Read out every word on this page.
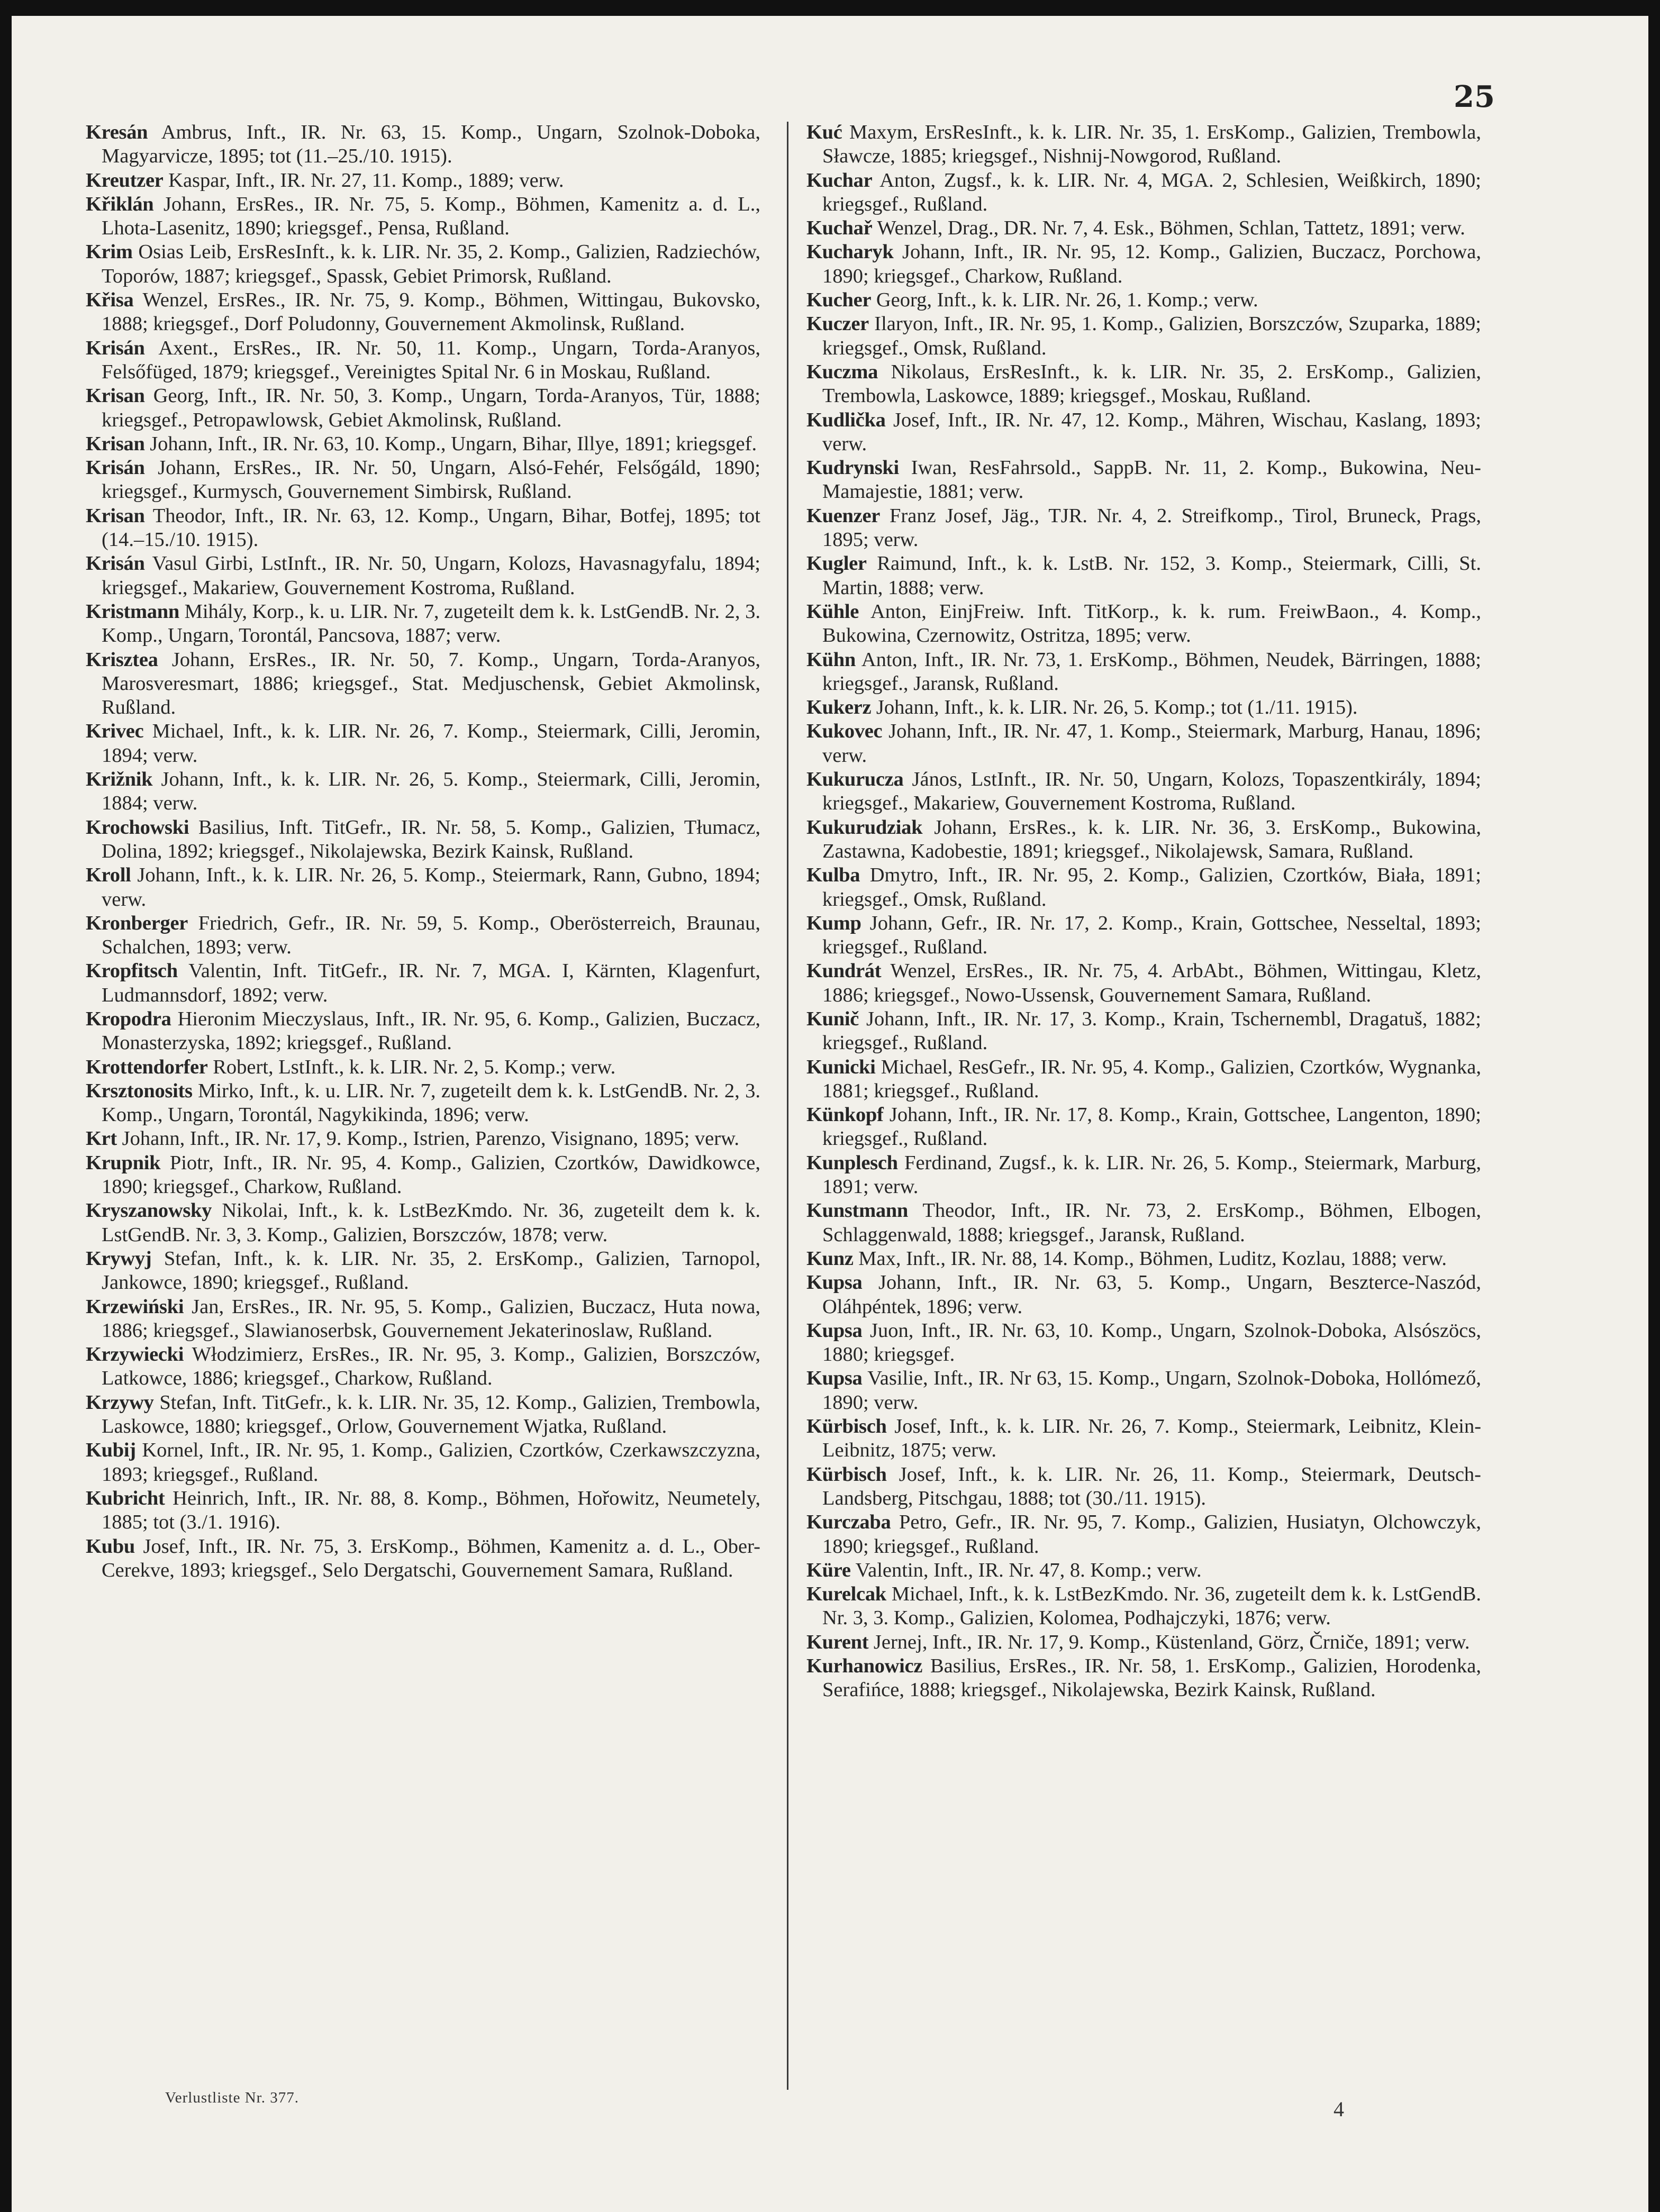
25

Kresán Ambrus, Inft., IR. Nr. 63, 15. Komp., Ungarn, Szolnok-Doboka, Magyarvicze, 1895; tot (11.–25./10. 1915).

Kreutzer Kaspar, Inft., IR. Nr. 27, 11. Komp., 1889; verw.

Křiklán Johann, ErsRes., IR. Nr. 75, 5. Komp., Böhmen, Kamenitz a. d. L., Lhota-Lasenitz, 1890; kriegsgef., Pensa, Rußland.

Krim Osias Leib, ErsResInft., k. k. LIR. Nr. 35, 2. Komp., Galizien, Radziechów, Toporów, 1887; kriegsgef., Spassk, Gebiet Primorsk, Rußland.

Křisa Wenzel, ErsRes., IR. Nr. 75, 9. Komp., Böhmen, Wittingau, Bukovsko, 1888; kriegsgef., Dorf Poludonny, Gouvernement Akmolinsk, Rußland.

Krisán Axent., ErsRes., IR. Nr. 50, 11. Komp., Ungarn, Torda-Aranyos, Felsőfüged, 1879; kriegsgef., Vereinigtes Spital Nr. 6 in Moskau, Rußland.

Krisan Georg, Inft., IR. Nr. 50, 3. Komp., Ungarn, Torda-Aranyos, Tür, 1888; kriegsgef., Petropawlowsk, Gebiet Akmolinsk, Rußland.

Krisan Johann, Inft., IR. Nr. 63, 10. Komp., Ungarn, Bihar, Illye, 1891; kriegsgef.

Krisán Johann, ErsRes., IR. Nr. 50, Ungarn, Alsó-Fehér, Felsőgáld, 1890; kriegsgef., Kurmysch, Gouvernement Simbirsk, Rußland.

Krisan Theodor, Inft., IR. Nr. 63, 12. Komp., Ungarn, Bihar, Botfej, 1895; tot (14.–15./10. 1915).

Krisán Vasul Girbi, LstInft., IR. Nr. 50, Ungarn, Kolozs, Havasnagyfalu, 1894; kriegsgef., Makariew, Gouvernement Kostroma, Rußland.

Kristmann Mihály, Korp., k. u. LIR. Nr. 7, zugeteilt dem k. k. LstGendB. Nr. 2, 3. Komp., Ungarn, Torontál, Pancsova, 1887; verw.

Krisztea Johann, ErsRes., IR. Nr. 50, 7. Komp., Ungarn, Torda-Aranyos, Marosveresmart, 1886; kriegsgef., Stat. Medjuschensk, Gebiet Akmolinsk, Rußland.

Krivec Michael, Inft., k. k. LIR. Nr. 26, 7. Komp., Steiermark, Cilli, Jeromin, 1894; verw.

Križnik Johann, Inft., k. k. LIR. Nr. 26, 5. Komp., Steiermark, Cilli, Jeromin, 1884; verw.

Krochowski Basilius, Inft. TitGefr., IR. Nr. 58, 5. Komp., Galizien, Tłumacz, Dolina, 1892; kriegsgef., Nikolajewska, Bezirk Kainsk, Rußland.

Kroll Johann, Inft., k. k. LIR. Nr. 26, 5. Komp., Steiermark, Rann, Gubno, 1894; verw.

Kronberger Friedrich, Gefr., IR. Nr. 59, 5. Komp., Oberösterreich, Braunau, Schalchen, 1893; verw.

Kropfitsch Valentin, Inft. TitGefr., IR. Nr. 7, MGA. I, Kärnten, Klagenfurt, Ludmannsdorf, 1892; verw.

Kropodra Hieronim Mieczyslaus, Inft., IR. Nr. 95, 6. Komp., Galizien, Buczacz, Monasterzyska, 1892; kriegsgef., Rußland.

Krottendorfer Robert, LstInft., k. k. LIR. Nr. 2, 5. Komp.; verw.

Krsztonosits Mirko, Inft., k. u. LIR. Nr. 7, zugeteilt dem k. k. LstGendB. Nr. 2, 3. Komp., Ungarn, Torontál, Nagykikinda, 1896; verw.

Krt Johann, Inft., IR. Nr. 17, 9. Komp., Istrien, Parenzo, Visignano, 1895; verw.

Krupnik Piotr, Inft., IR. Nr. 95, 4. Komp., Galizien, Czortków, Dawidkowce, 1890; kriegsgef., Charkow, Rußland.

Kryszanowsky Nikolai, Inft., k. k. LstBezKmdo. Nr. 36, zugeteilt dem k. k. LstGendB. Nr. 3, 3. Komp., Galizien, Borszczów, 1878; verw.

Krywyj Stefan, Inft., k. k. LIR. Nr. 35, 2. ErsKomp., Galizien, Tarnopol, Jankowce, 1890; kriegsgef., Rußland.

Krzewiński Jan, ErsRes., IR. Nr. 95, 5. Komp., Galizien, Buczacz, Huta nowa, 1886; kriegsgef., Slawianoserbsk, Gouvernement Jekaterinoslaw, Rußland.

Krzywiecki Włodzimierz, ErsRes., IR. Nr. 95, 3. Komp., Galizien, Borszczów, Latkowce, 1886; kriegsgef., Charkow, Rußland.

Krzywy Stefan, Inft. TitGefr., k. k. LIR. Nr. 35, 12. Komp., Galizien, Trembowla, Laskowce, 1880; kriegsgef., Orlow, Gouvernement Wjatka, Rußland.

Kubij Kornel, Inft., IR. Nr. 95, 1. Komp., Galizien, Czortków, Czerkawszczyzna, 1893; kriegsgef., Rußland.

Kubricht Heinrich, Inft., IR. Nr. 88, 8. Komp., Böhmen, Hořowitz, Neumetely, 1885; tot (3./1. 1916).

Kubu Josef, Inft., IR. Nr. 75, 3. ErsKomp., Böhmen, Kamenitz a. d. L., Ober-Cerekve, 1893; kriegsgef., Selo Dergatschi, Gouvernement Samara, Rußland.

Kuć Maxym, ErsResInft., k. k. LIR. Nr. 35, 1. ErsKomp., Galizien, Trembowla, Sławcze, 1885; kriegsgef., Nishnij-Nowgorod, Rußland.

Kuchar Anton, Zugsf., k. k. LIR. Nr. 4, MGA. 2, Schlesien, Weißkirch, 1890; kriegsgef., Rußland.

Kuchař Wenzel, Drag., DR. Nr. 7, 4. Esk., Böhmen, Schlan, Tattetz, 1891; verw.

Kucharyk Johann, Inft., IR. Nr. 95, 12. Komp., Galizien, Buczacz, Porchowa, 1890; kriegsgef., Charkow, Rußland.

Kucher Georg, Inft., k. k. LIR. Nr. 26, 1. Komp.; verw.

Kuczer Ilaryon, Inft., IR. Nr. 95, 1. Komp., Galizien, Borszczów, Szuparka, 1889; kriegsgef., Omsk, Rußland.

Kuczma Nikolaus, ErsResInft., k. k. LIR. Nr. 35, 2. ErsKomp., Galizien, Trembowla, Laskowce, 1889; kriegsgef., Moskau, Rußland.

Kudlička Josef, Inft., IR. Nr. 47, 12. Komp., Mähren, Wischau, Kaslang, 1893; verw.

Kudrynski Iwan, ResFahrsold., SappB. Nr. 11, 2. Komp., Bukowina, Neu-Mamajestie, 1881; verw.

Kuenzer Franz Josef, Jäg., TJR. Nr. 4, 2. Streifkomp., Tirol, Bruneck, Prags, 1895; verw.

Kugler Raimund, Inft., k. k. LstB. Nr. 152, 3. Komp., Steiermark, Cilli, St. Martin, 1888; verw.

Kühle Anton, EinjFreiw. Inft. TitKorp., k. k. rum. FreiwBaon., 4. Komp., Bukowina, Czernowitz, Ostritza, 1895; verw.

Kühn Anton, Inft., IR. Nr. 73, 1. ErsKomp., Böhmen, Neudek, Bärringen, 1888; kriegsgef., Jaransk, Rußland.

Kukerz Johann, Inft., k. k. LIR. Nr. 26, 5. Komp.; tot (1./11. 1915).

Kukovec Johann, Inft., IR. Nr. 47, 1. Komp., Steiermark, Marburg, Hanau, 1896; verw.

Kukurucza János, LstInft., IR. Nr. 50, Ungarn, Kolozs, Topaszentkirály, 1894; kriegsgef., Makariew, Gouvernement Kostroma, Rußland.

Kukurudziak Johann, ErsRes., k. k. LIR. Nr. 36, 3. ErsKomp., Bukowina, Zastawna, Kadobestie, 1891; kriegsgef., Nikolajewsk, Samara, Rußland.

Kulba Dmytro, Inft., IR. Nr. 95, 2. Komp., Galizien, Czortków, Biała, 1891; kriegsgef., Omsk, Rußland.

Kump Johann, Gefr., IR. Nr. 17, 2. Komp., Krain, Gottschee, Nesseltal, 1893; kriegsgef., Rußland.

Kundrát Wenzel, ErsRes., IR. Nr. 75, 4. ArbAbt., Böhmen, Wittingau, Kletz, 1886; kriegsgef., Nowo-Ussensk, Gouvernement Samara, Rußland.

Kunič Johann, Inft., IR. Nr. 17, 3. Komp., Krain, Tschernembl, Dragatuš, 1882; kriegsgef., Rußland.

Kunicki Michael, ResGefr., IR. Nr. 95, 4. Komp., Galizien, Czortków, Wygnanka, 1881; kriegsgef., Rußland.

Künkopf Johann, Inft., IR. Nr. 17, 8. Komp., Krain, Gottschee, Langenton, 1890; kriegsgef., Rußland.

Kunplesch Ferdinand, Zugsf., k. k. LIR. Nr. 26, 5. Komp., Steiermark, Marburg, 1891; verw.

Kunstmann Theodor, Inft., IR. Nr. 73, 2. ErsKomp., Böhmen, Elbogen, Schlaggenwald, 1888; kriegsgef., Jaransk, Rußland.

Kunz Max, Inft., IR. Nr. 88, 14. Komp., Böhmen, Luditz, Kozlau, 1888; verw.

Kupsa Johann, Inft., IR. Nr. 63, 5. Komp., Ungarn, Beszterce-Naszód, Oláhpéntek, 1896; verw.

Kupsa Juon, Inft., IR. Nr. 63, 10. Komp., Ungarn, Szolnok-Doboka, Alsószöcs, 1880; kriegsgef.

Kupsa Vasilie, Inft., IR. Nr 63, 15. Komp., Ungarn, Szolnok-Doboka, Hollómező, 1890; verw.

Kürbisch Josef, Inft., k. k. LIR. Nr. 26, 7. Komp., Steiermark, Leibnitz, Klein-Leibnitz, 1875; verw.

Kürbisch Josef, Inft., k. k. LIR. Nr. 26, 11. Komp., Steiermark, Deutsch-Landsberg, Pitschgau, 1888; tot (30./11. 1915).

Kurczaba Petro, Gefr., IR. Nr. 95, 7. Komp., Galizien, Husiatyn, Olchowczyk, 1890; kriegsgef., Rußland.

Küre Valentin, Inft., IR. Nr. 47, 8. Komp.; verw.

Kurelcak Michael, Inft., k. k. LstBezKmdo. Nr. 36, zugeteilt dem k. k. LstGendB. Nr. 3, 3. Komp., Galizien, Kolomea, Podhajczyki, 1876; verw.

Kurent Jernej, Inft., IR. Nr. 17, 9. Komp., Küstenland, Görz, Črniče, 1891; verw.

Kurhanowicz Basilius, ErsRes., IR. Nr. 58, 1. ErsKomp., Galizien, Horodenka, Serafińce, 1888; kriegsgef., Nikolajewska, Bezirk Kainsk, Rußland.

Verlustliste Nr. 377.	4
